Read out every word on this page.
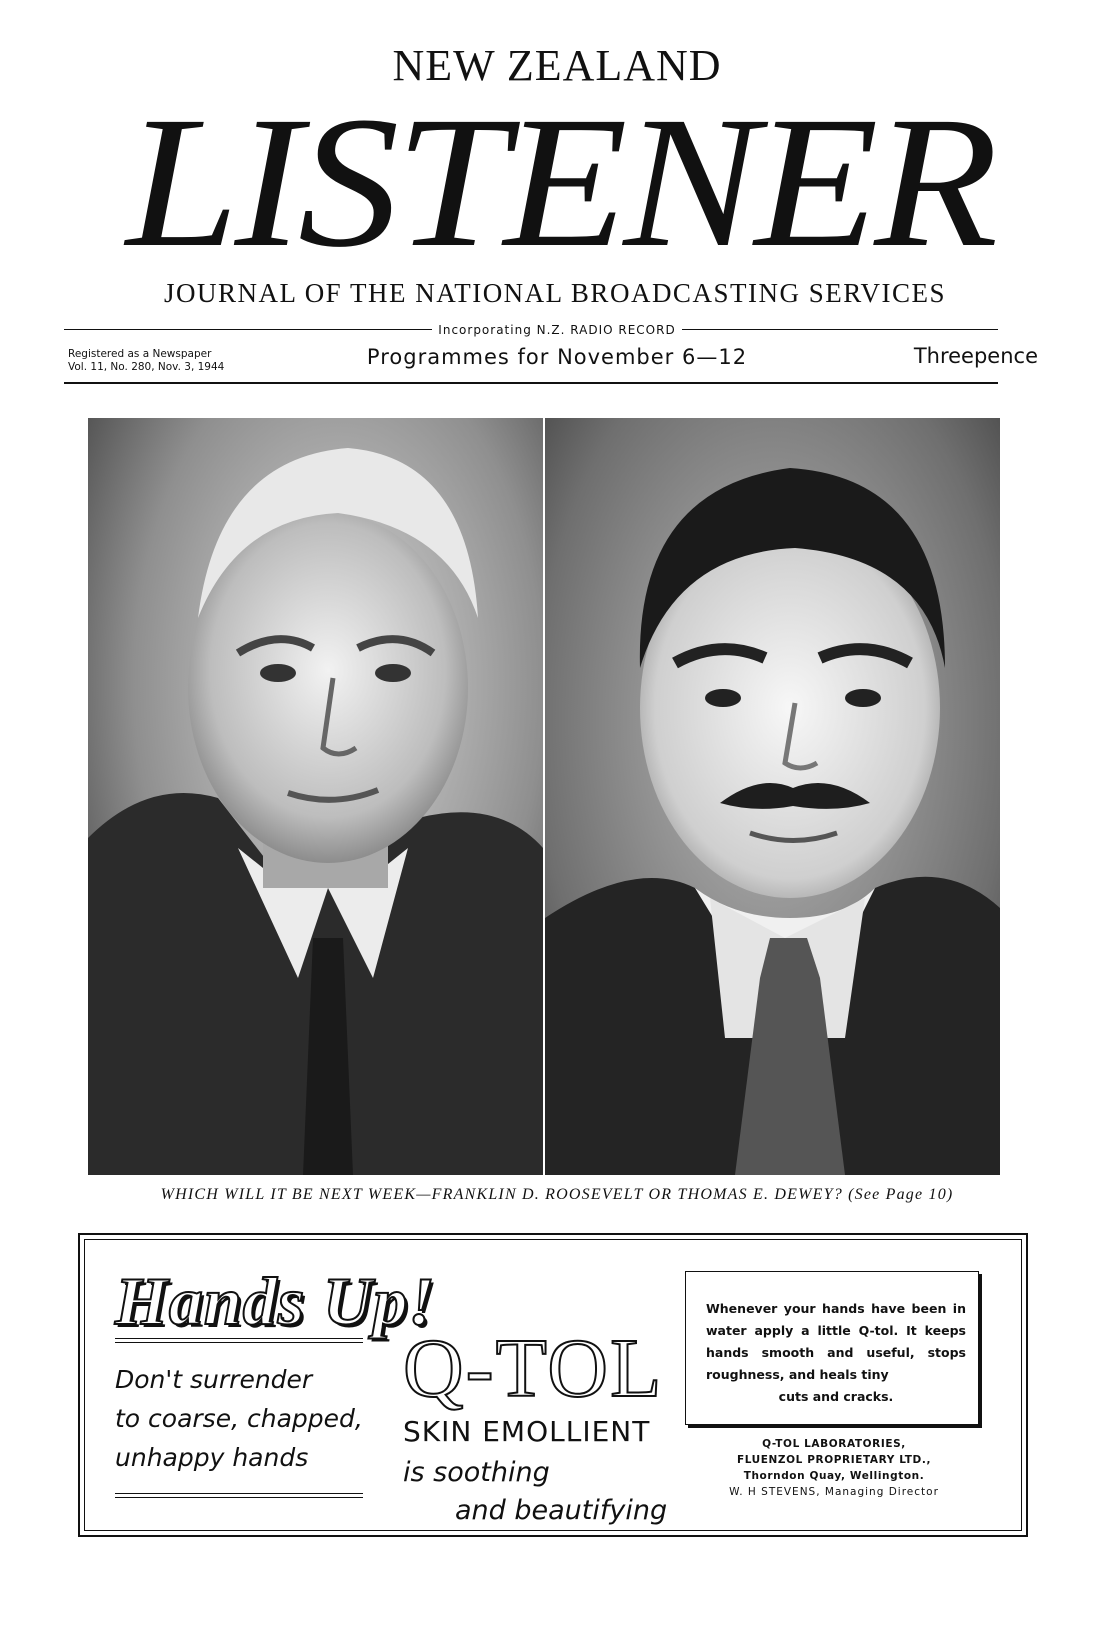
NEW ZEALAND
LISTENER
JOURNAL OF THE NATIONAL BROADCASTING SERVICES
Incorporating N.Z. RADIO RECORD
Registered as a Newspaper
Vol. 11, No. 280, Nov. 3, 1944	Programmes for November 6—12	Threepence
WHICH WILL IT BE NEXT WEEK—FRANKLIN D. ROOSEVELT OR THOMAS E. DEWEY? (See Page 10)
Hands Up!
Don't surrender
to coarse, chapped,
unhappy hands
Q-TOL
SKIN EMOLLIENT
is soothing
and beautifying
Whenever your hands have been in water apply a little Q-tol. It keeps hands smooth and useful, stops roughness, and heals tiny
cuts and cracks.
Q-TOL LABORATORIES,
FLUENZOL PROPRIETARY LTD.,
Thorndon Quay, Wellington.
W. H STEVENS, Managing Director
